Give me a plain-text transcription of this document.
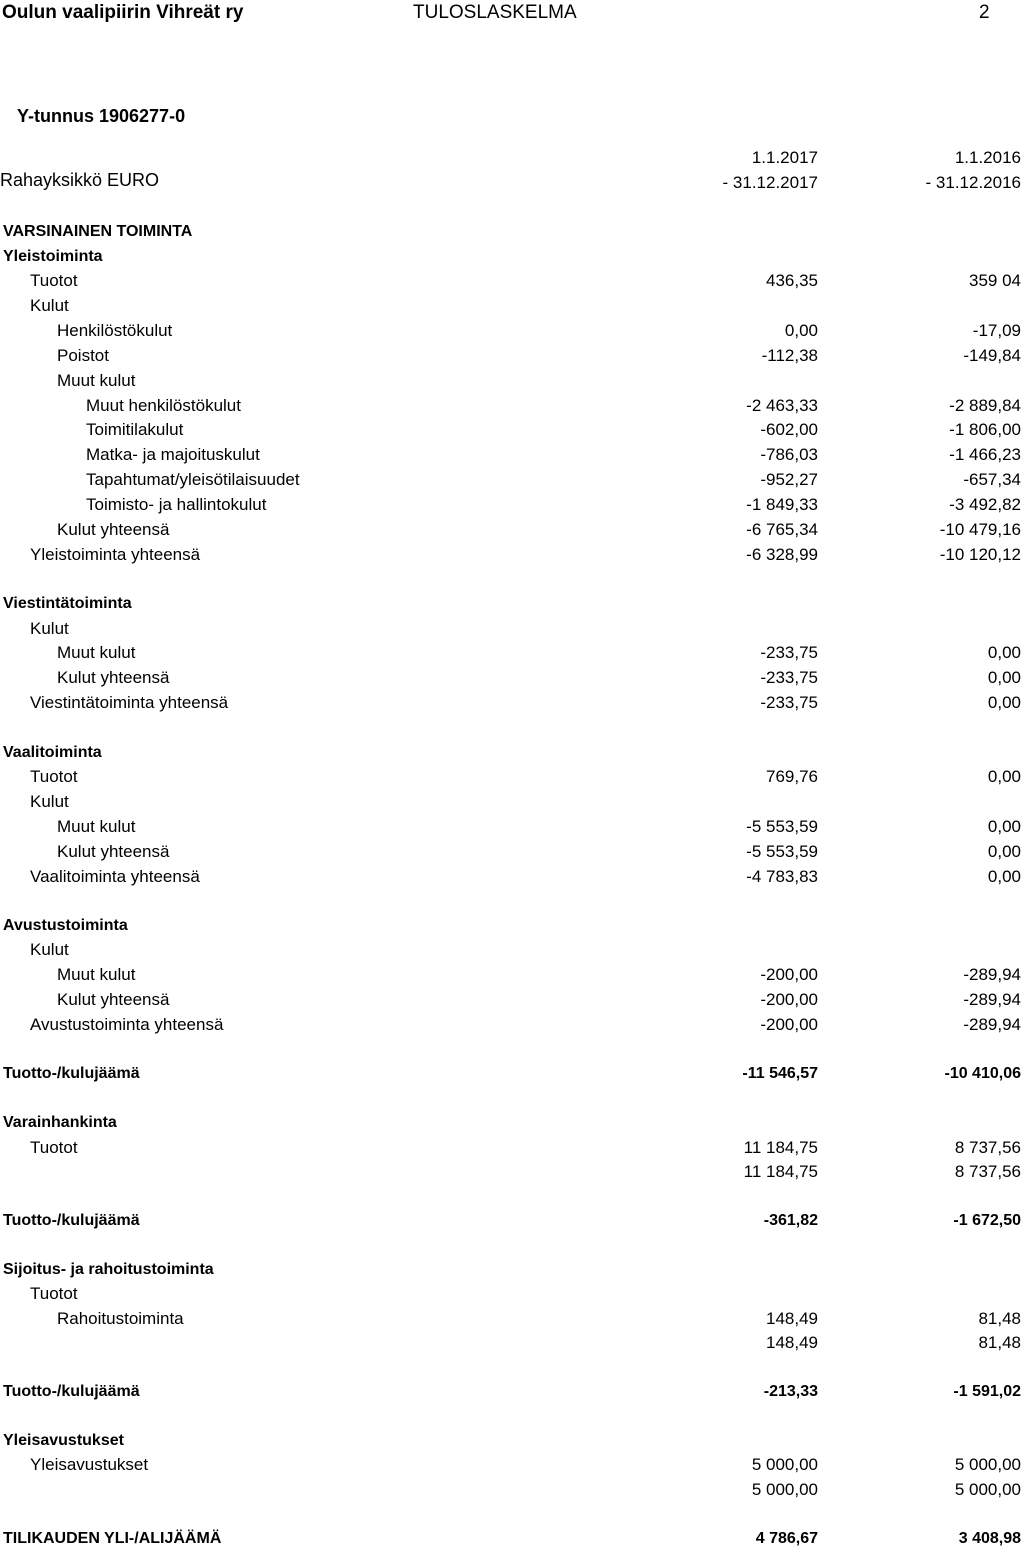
Oulun vaalipiirin Vihreät ry	TULOSLASKELMA	2
Y-tunnus 1906277-0
Rahayksikkö EURO
1.1.2017
- 31.12.2017
1.1.2016
- 31.12.2016
VARSINAINEN TOIMINTA
Yleistoiminta
Tuotot	436,35	359 04
Kulut
Henkilöstökulut	0,00	-17,09
Poistot	-112,38	-149,84
Muut kulut
Muut henkilöstökulut	-2 463,33	-2 889,84
Toimitilakulut	-602,00	-1 806,00
Matka- ja majoituskulut	-786,03	-1 466,23
Tapahtumat/yleisötilaisuudet	-952,27	-657,34
Toimisto- ja hallintokulut	-1 849,33	-3 492,82
Kulut yhteensä	-6 765,34	-10 479,16
Yleistoiminta yhteensä	-6 328,99	-10 120,12
Viestintätoiminta
Kulut
Muut kulut	-233,75	0,00
Kulut yhteensä	-233,75	0,00
Viestintätoiminta yhteensä	-233,75	0,00
Vaalitoiminta
Tuotot	769,76	0,00
Kulut
Muut kulut	-5 553,59	0,00
Kulut yhteensä	-5 553,59	0,00
Vaalitoiminta yhteensä	-4 783,83	0,00
Avustustoiminta
Kulut
Muut kulut	-200,00	-289,94
Kulut yhteensä	-200,00	-289,94
Avustustoiminta yhteensä	-200,00	-289,94
Tuotto-/kulujäämä	-11 546,57	-10 410,06
Varainhankinta
Tuotot	11 184,75	8 737,56
11 184,75	8 737,56
Tuotto-/kulujäämä	-361,82	-1 672,50
Sijoitus- ja rahoitustoiminta
Tuotot
Rahoitustoiminta	148,49	81,48
148,49	81,48
Tuotto-/kulujäämä	-213,33	-1 591,02
Yleisavustukset
Yleisavustukset	5 000,00	5 000,00
5 000,00	5 000,00
TILIKAUDEN YLI-/ALIJÄÄMÄ	4 786,67	3 408,98
